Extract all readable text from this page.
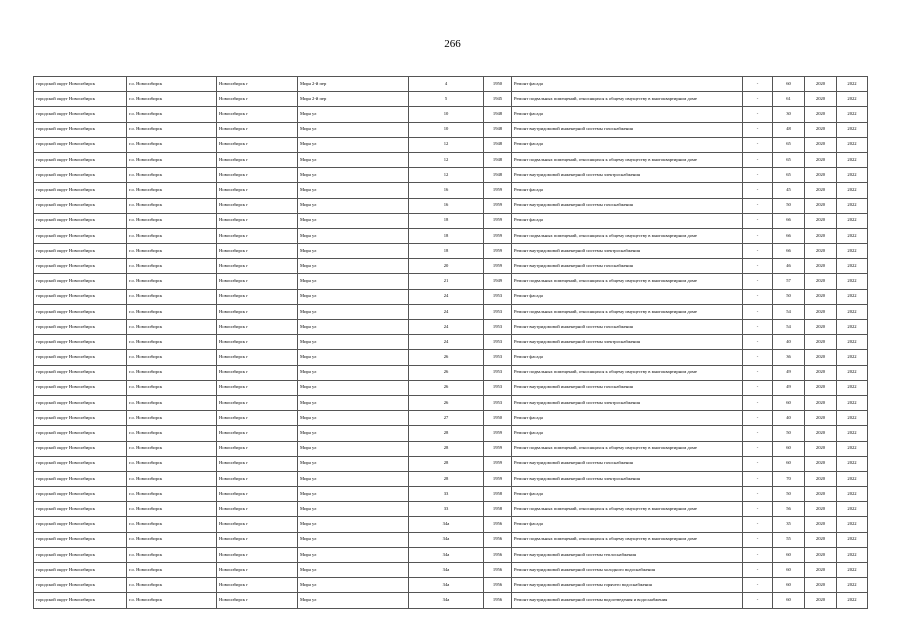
266
городской округ Новосибирск	г.о. Новосибирск	Новосибирск г	Мира 2-й пер	4	1950	Ремонт фасада	-	60	2020	2022
городской округ Новосибирск	г.о. Новосибирск	Новосибирск г	Мира 2-й пер	5	1945	Ремонт подвальных помещений, относящихся к общему имуществу в многоквартирном доме	-	61	2020	2022
городской округ Новосибирск	г.о. Новосибирск	Новосибирск г	Мира ул	10	1948	Ремонт фасада	-	30	2020	2022
городской округ Новосибирск	г.о. Новосибирск	Новосибирск г	Мира ул	10	1948	Ремонт внутридомовой инженерной системы газоснабжения	-	48	2020	2022
городской округ Новосибирск	г.о. Новосибирск	Новосибирск г	Мира ул	12	1948	Ремонт фасада	-	65	2020	2022
городской округ Новосибирск	г.о. Новосибирск	Новосибирск г	Мира ул	12	1948	Ремонт подвальных помещений, относящихся к общему имуществу в многоквартирном доме	-	65	2020	2022
городской округ Новосибирск	г.о. Новосибирск	Новосибирск г	Мира ул	12	1948	Ремонт внутридомовой инженерной системы электроснабжения	-	65	2020	2022
городской округ Новосибирск	г.о. Новосибирск	Новосибирск г	Мира ул	16	1959	Ремонт фасада	-	45	2020	2022
городской округ Новосибирск	г.о. Новосибирск	Новосибирск г	Мира ул	16	1959	Ремонт внутридомовой инженерной системы газоснабжения	-	50	2020	2022
городской округ Новосибирск	г.о. Новосибирск	Новосибирск г	Мира ул	18	1959	Ремонт фасада	-	66	2020	2022
городской округ Новосибирск	г.о. Новосибирск	Новосибирск г	Мира ул	18	1959	Ремонт подвальных помещений, относящихся к общему имуществу в многоквартирном доме	-	66	2020	2022
городской округ Новосибирск	г.о. Новосибирск	Новосибирск г	Мира ул	18	1959	Ремонт внутридомовой инженерной системы электроснабжения	-	66	2020	2022
городской округ Новосибирск	г.о. Новосибирск	Новосибирск г	Мира ул	20	1959	Ремонт внутридомовой инженерной системы газоснабжения	-	46	2020	2022
городской округ Новосибирск	г.о. Новосибирск	Новосибирск г	Мира ул	21	1949	Ремонт подвальных помещений, относящихся к общему имуществу в многоквартирном доме	-	57	2020	2022
городской округ Новосибирск	г.о. Новосибирск	Новосибирск г	Мира ул	24	1953	Ремонт фасада	-	50	2020	2022
городской округ Новосибирск	г.о. Новосибирск	Новосибирск г	Мира ул	24	1953	Ремонт подвальных помещений, относящихся к общему имуществу в многоквартирном доме	-	54	2020	2022
городской округ Новосибирск	г.о. Новосибирск	Новосибирск г	Мира ул	24	1953	Ремонт внутридомовой инженерной системы газоснабжения	-	54	2020	2022
городской округ Новосибирск	г.о. Новосибирск	Новосибирск г	Мира ул	24	1953	Ремонт внутридомовой инженерной системы электроснабжения	-	40	2020	2022
городской округ Новосибирск	г.о. Новосибирск	Новосибирск г	Мира ул	26	1953	Ремонт фасада	-	36	2020	2022
городской округ Новосибирск	г.о. Новосибирск	Новосибирск г	Мира ул	26	1953	Ремонт подвальных помещений, относящихся к общему имуществу в многоквартирном доме	-	49	2020	2022
городской округ Новосибирск	г.о. Новосибирск	Новосибирск г	Мира ул	26	1953	Ремонт внутридомовой инженерной системы газоснабжения	-	49	2020	2022
городской округ Новосибирск	г.о. Новосибирск	Новосибирск г	Мира ул	26	1953	Ремонт внутридомовой инженерной системы электроснабжения	-	60	2020	2022
городской округ Новосибирск	г.о. Новосибирск	Новосибирск г	Мира ул	27	1950	Ремонт фасада	-	40	2020	2022
городской округ Новосибирск	г.о. Новосибирск	Новосибирск г	Мира ул	28	1959	Ремонт фасада	-	50	2020	2022
городской округ Новосибирск	г.о. Новосибирск	Новосибирск г	Мира ул	28	1959	Ремонт подвальных помещений, относящихся к общему имуществу в многоквартирном доме	-	60	2020	2022
городской округ Новосибирск	г.о. Новосибирск	Новосибирск г	Мира ул	28	1959	Ремонт внутридомовой инженерной системы газоснабжения	-	60	2020	2022
городской округ Новосибирск	г.о. Новосибирск	Новосибирск г	Мира ул	28	1959	Ремонт внутридомовой инженерной системы электроснабжения	-	70	2020	2022
городской округ Новосибирск	г.о. Новосибирск	Новосибирск г	Мира ул	33	1958	Ремонт фасада	-	50	2020	2022
городской округ Новосибирск	г.о. Новосибирск	Новосибирск г	Мира ул	33	1958	Ремонт подвальных помещений, относящихся к общему имуществу в многоквартирном доме	-	56	2020	2022
городской округ Новосибирск	г.о. Новосибирск	Новосибирск г	Мира ул	34а	1956	Ремонт фасада	-	35	2020	2022
городской округ Новосибирск	г.о. Новосибирск	Новосибирск г	Мира ул	34а	1956	Ремонт подвальных помещений, относящихся к общему имуществу в многоквартирном доме	-	55	2020	2022
городской округ Новосибирск	г.о. Новосибирск	Новосибирск г	Мира ул	34а	1956	Ремонт внутридомовой инженерной системы теплоснабжения	-	60	2020	2022
городской округ Новосибирск	г.о. Новосибирск	Новосибирск г	Мира ул	34а	1956	Ремонт внутридомовой инженерной системы холодного водоснабжения	-	60	2020	2022
городской округ Новосибирск	г.о. Новосибирск	Новосибирск г	Мира ул	34а	1956	Ремонт внутридомовой инженерной системы горячего водоснабжения	-	60	2020	2022
городской округ Новосибирск	г.о. Новосибирск	Новосибирск г	Мира ул	34а	1956	Ремонт внутридомовой инженерной системы водоотведения и водоснабжения	-	60	2020	2022
